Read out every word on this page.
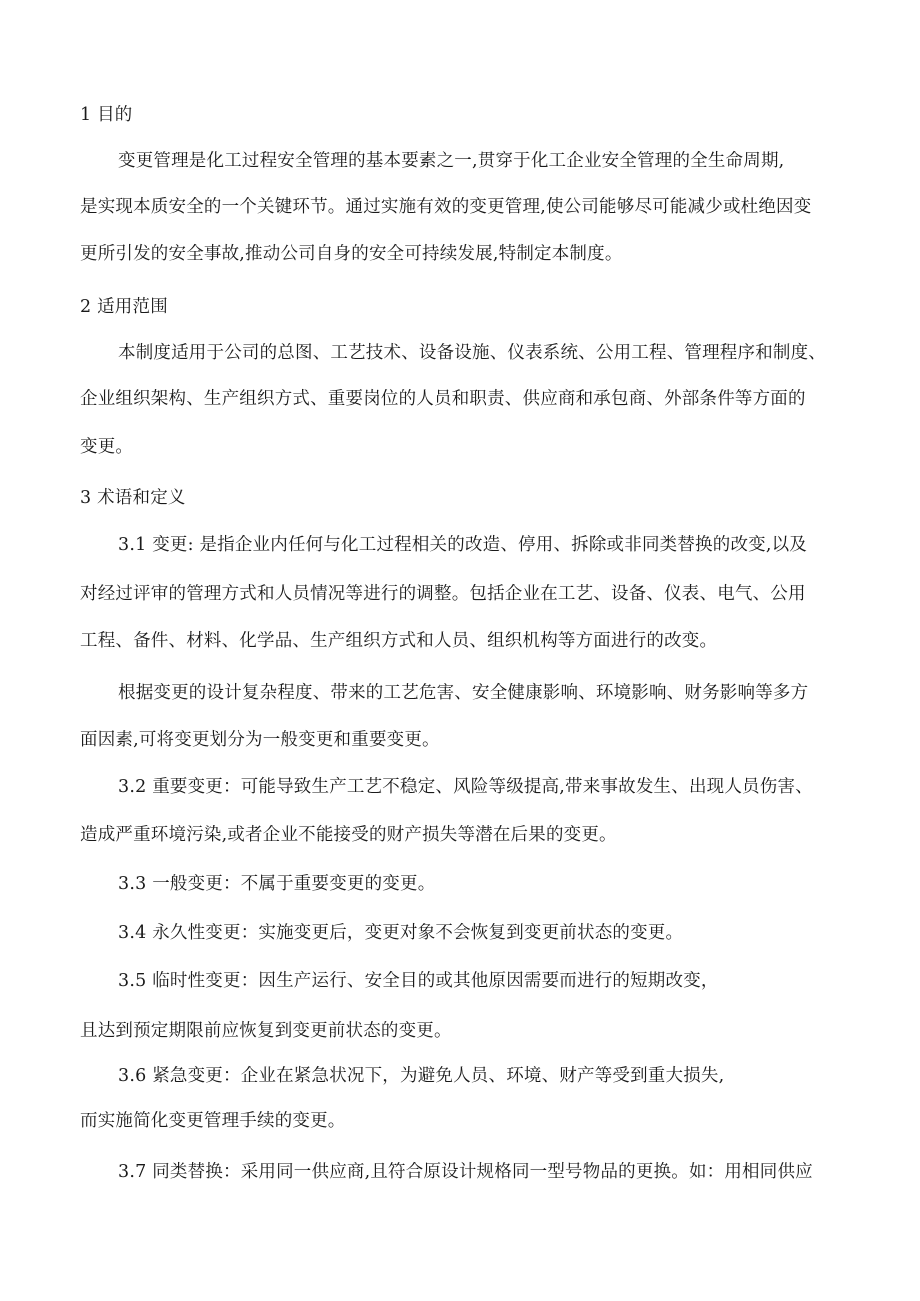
1 目的
变更管理是化工过程安全管理的基本要素之一,贯穿于化工企业安全管理的全生命周期,
是实现本质安全的一个关键环节。通过实施有效的变更管理,使公司能够尽可能减少或杜绝因变
更所引发的安全事故,推动公司自身的安全可持续发展,特制定本制度。
2 适用范围
本制度适用于公司的总图、工艺技术、设备设施、仪表系统、公用工程、管理程序和制度、
企业组织架构、生产组织方式、重要岗位的人员和职责、供应商和承包商、外部条件等方面的
变更。
3 术语和定义
3.1 变更: 是指企业内任何与化工过程相关的改造、停用、拆除或非同类替换的改变,以及
对经过评审的管理方式和人员情况等进行的调整。包括企业在工艺、设备、仪表、电气、公用
工程、备件、材料、化学品、生产组织方式和人员、组织机构等方面进行的改变。
根据变更的设计复杂程度、带来的工艺危害、安全健康影响、环境影响、财务影响等多方
面因素,可将变更划分为一般变更和重要变更。
3.2 重要变更：可能导致生产工艺不稳定、风险等级提高,带来事故发生、出现人员伤害、
造成严重环境污染,或者企业不能接受的财产损失等潜在后果的变更。
3.3 一般变更：不属于重要变更的变更。
3.4 永久性变更：实施变更后，变更对象不会恢复到变更前状态的变更。
3.5 临时性变更：因生产运行、安全目的或其他原因需要而进行的短期改变，
且达到预定期限前应恢复到变更前状态的变更。
3.6 紧急变更：企业在紧急状况下，为避免人员、环境、财产等受到重大损失,
而实施简化变更管理手续的变更。
3.7 同类替换：采用同一供应商,且符合原设计规格同一型号物品的更换。如：用相同供应
